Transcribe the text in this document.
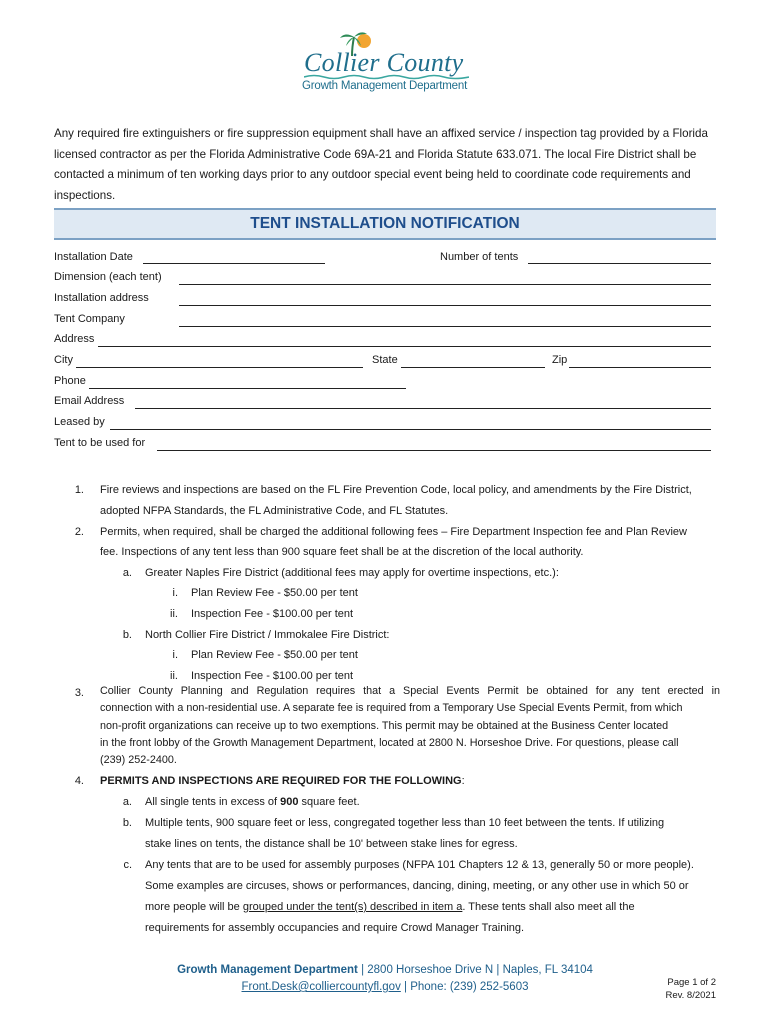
Collier County
Growth Management Department
Any required fire extinguishers or fire suppression equipment shall have an affixed service / inspection tag provided by a Florida licensed contractor as per the Florida Administrative Code 69A-21 and Florida Statute 633.071. The local Fire District shall be contacted a minimum of ten working days prior to any outdoor special event being held to coordinate code requirements and inspections.
TENT INSTALLATION NOTIFICATION
Installation Date	Number of tents
Dimension (each tent)
Installation address
Tent Company
Address
City	State	Zip
Phone
Email Address
Leased by
Tent to be used for
1. Fire reviews and inspections are based on the FL Fire Prevention Code, local policy, and amendments by the Fire District,
adopted NFPA Standards, the FL Administrative Code, and FL Statutes.
2. Permits, when required, shall be charged the additional following fees – Fire Department Inspection fee and Plan Review
fee. Inspections of any tent less than 900 square feet shall be at the discretion of the local authority.
a. Greater Naples Fire District (additional fees may apply for overtime inspections, etc.):
i. Plan Review Fee - $50.00 per tent
ii. Inspection Fee - $100.00 per tent
b. North Collier Fire District / Immokalee Fire District:
i. Plan Review Fee - $50.00 per tent
ii. Inspection Fee - $100.00 per tent
3. Collier County Planning and Regulation requires that a Special Events Permit be obtained for any tent erected in
connection with a non-residential use. A separate fee is required from a Temporary Use Special Events Permit, from which
non-profit organizations can receive up to two exemptions. This permit may be obtained at the Business Center located
in the front lobby of the Growth Management Department, located at 2800 N. Horseshoe Drive. For questions, please call
(239) 252-2400.
4. PERMITS AND INSPECTIONS ARE REQUIRED FOR THE FOLLOWING:
a. All single tents in excess of 900 square feet.
b. Multiple tents, 900 square feet or less, congregated together less than 10 feet between the tents. If utilizing
stake lines on tents, the distance shall be 10' between stake lines for egress.
c. Any tents that are to be used for assembly purposes (NFPA 101 Chapters 12 & 13, generally 50 or more people).
Some examples are circuses, shows or performances, dancing, dining, meeting, or any other use in which 50 or
more people will be grouped under the tent(s) described in item a. These tents shall also meet all the
requirements for assembly occupancies and require Crowd Manager Training.
Growth Management Department | 2800 Horseshoe Drive N | Naples, FL 34104
Front.Desk@colliercountyfl.gov | Phone: (239) 252-5603	Page 1 of 2
Rev. 8/2021
